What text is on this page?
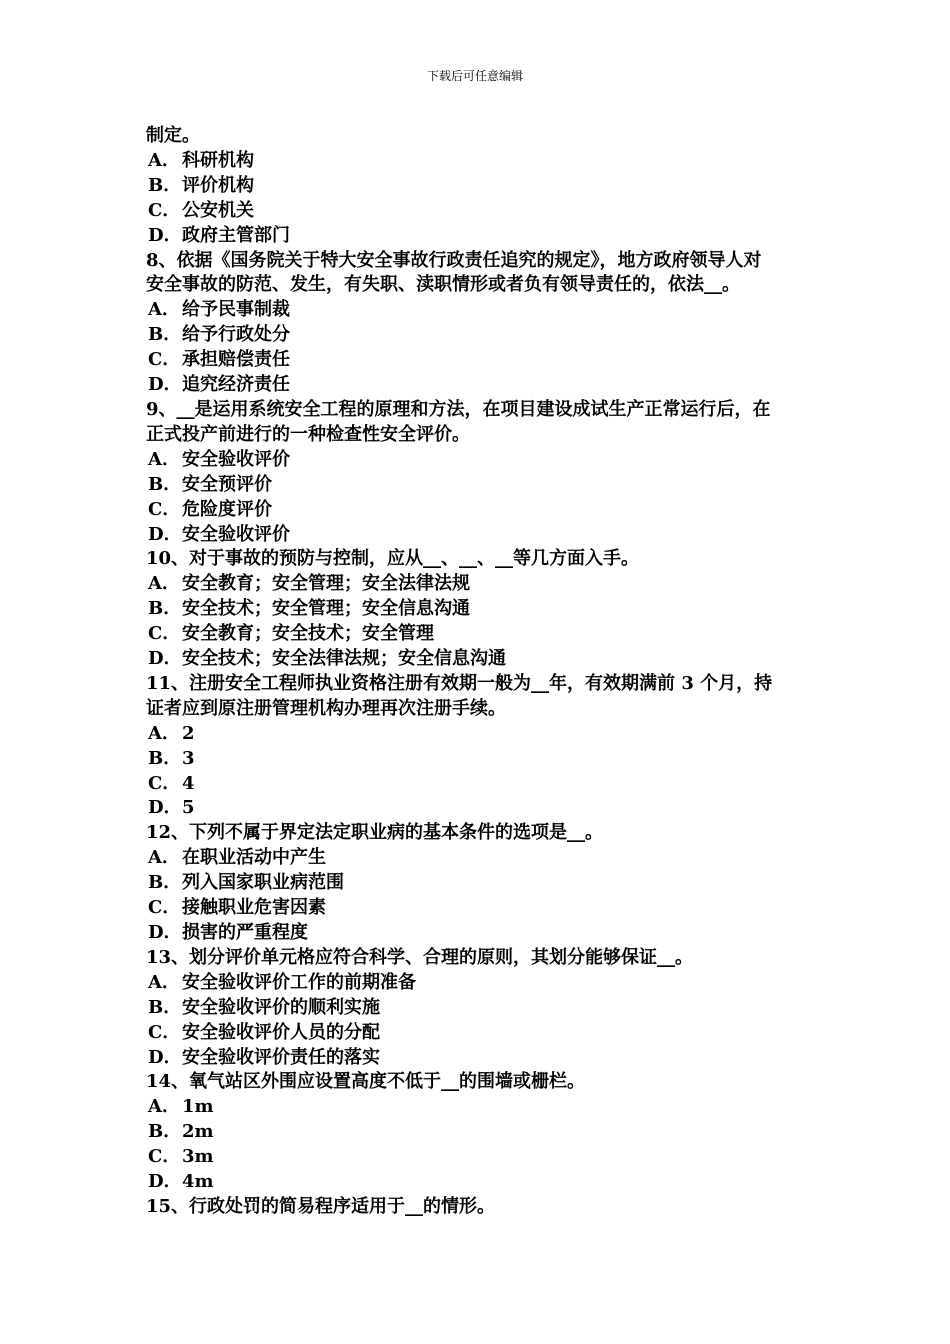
下载后可任意编辑
制定。
A． 科研机构
B．评价机构
C．公安机关
D．政府主管部门
8、依据《国务院关于特大安全事故行政责任追究的规定》，地方政府领导人对
安全事故的防范、发生，有失职、渎职情形或者负有领导责任的，依法__。
A． 给予民事制裁
B．给予行政处分
C．承担赔偿责任
D．追究经济责任
9、__是运用系统安全工程的原理和方法，在项目建设成试生产正常运行后，在
正式投产前进行的一种检查性安全评价。
A． 安全验收评价
B．安全预评价
C．危险度评价
D．安全验收评价
10、对于事故的预防与控制，应从__、__、__等几方面入手。
A． 安全教育；安全管理；安全法律法规
B．安全技术；安全管理；安全信息沟通
C．安全教育；安全技术；安全管理
D．安全技术；安全法律法规；安全信息沟通
11、注册安全工程师执业资格注册有效期一般为__年，有效期满前 3 个月，持
证者应到原注册管理机构办理再次注册手续。
A． 2
B．3
C．4
D．5
12、下列不属于界定法定职业病的基本条件的选项是__。
A． 在职业活动中产生
B．列入国家职业病范围
C．接触职业危害因素
D．损害的严重程度
13、划分评价单元格应符合科学、合理的原则，其划分能够保证__。
A． 安全验收评价工作的前期准备
B．安全验收评价的顺利实施
C．安全验收评价人员的分配
D．安全验收评价责任的落实
14、氧气站区外围应设置高度不低于__的围墙或栅栏。
A． 1m
B．2m
C．3m
D．4m
15、行政处罚的简易程序适用于__的情形。
